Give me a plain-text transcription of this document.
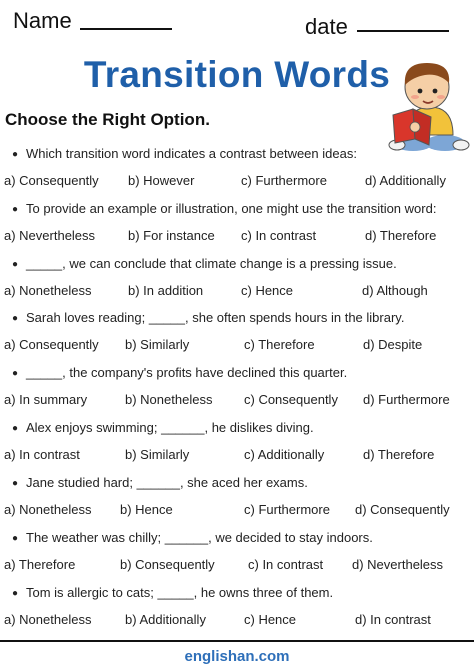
Name	date
Transition Words
Choose the Right Option.
● Which transition word indicates a contrast between ideas:
a) Consequently b) However	c) Furthermore	d) Additionally
● To provide an example or illustration, one might use the transition word:
a) Nevertheless	b) For instance c) In contrast	d) Therefore
● _____, we can conclude that climate change is a pressing issue.
a) Nonetheless	b) In addition	c) Hence	d) Although
● Sarah loves reading; _____, she often spends hours in the library.
a) Consequently b) Similarly	c) Therefore	d) Despite
● _____, the company's profits have declined this quarter.
a) In summary	b) Nonetheless c) Consequently d) Furthermore
● Alex enjoys swimming; ______, he dislikes diving.
a) In contrast	b) Similarly	c) Additionally	d) Therefore
● Jane studied hard; ______, she aced her exams.
a) Nonetheless b) Hence	c) Furthermore d) Consequently
● The weather was chilly; ______, we decided to stay indoors.
a) Therefore	b) Consequently	c) In contrast d) Nevertheless
● Tom is allergic to cats; _____, he owns three of them.
a) Nonetheless	b) Additionally	c) Hence	d) In contrast
englishan.com
